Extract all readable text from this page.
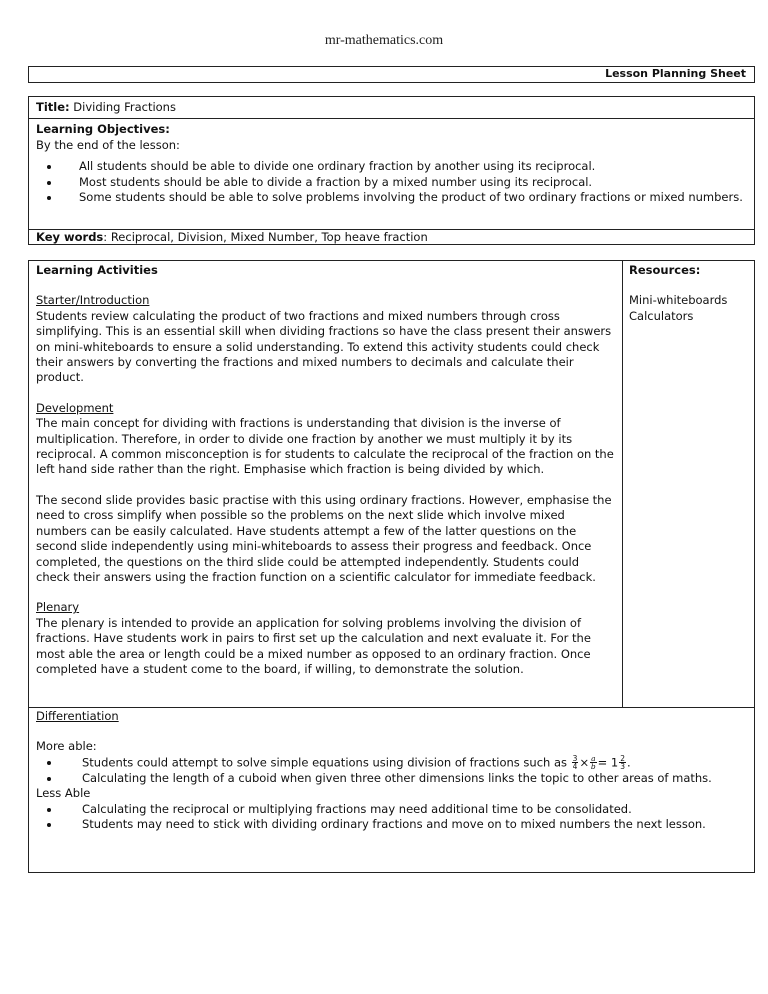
mr-mathematics.com
Lesson Planning Sheet
Title: Dividing Fractions
Learning Objectives:
By the end of the lesson:
• All students should be able to divide one ordinary fraction by another using its reciprocal.
• Most students should be able to divide a fraction by a mixed number using its reciprocal.
• Some students should be able to solve problems involving the product of two ordinary fractions or mixed numbers.
Key words: Reciprocal, Division, Mixed Number, Top heave fraction
Learning Activities
Starter/Introduction
Students review calculating the product of two fractions and mixed numbers through cross simplifying. This is an essential skill when dividing fractions so have the class present their answers on mini-whiteboards to ensure a solid understanding. To extend this activity students could check their answers by converting the fractions and mixed numbers to decimals and calculate their product.
Development
The main concept for dividing with fractions is understanding that division is the inverse of multiplication. Therefore, in order to divide one fraction by another we must multiply it by its reciprocal. A common misconception is for students to calculate the reciprocal of the fraction on the left hand side rather than the right. Emphasise which fraction is being divided by which.
The second slide provides basic practise with this using ordinary fractions. However, emphasise the need to cross simplify when possible so the problems on the next slide which involve mixed numbers can be easily calculated. Have students attempt a few of the latter questions on the second slide independently using mini-whiteboards to assess their progress and feedback. Once completed, the questions on the third slide could be attempted independently. Students could check their answers using the fraction function on a scientific calculator for immediate feedback.
Plenary
The plenary is intended to provide an application for solving problems involving the division of fractions. Have students work in pairs to first set up the calculation and next evaluate it. For the most able the area or length could be a mixed number as opposed to an ordinary fraction. Once completed have a student come to the board, if willing, to demonstrate the solution.
Resources:
Mini-whiteboards
Calculators
Differentiation
More able:
• Students could attempt to solve simple equations using division of fractions such as $\frac{3}{4} \times \frac{a}{b} = 1 \frac{2}{3}$ .
• Calculating the length of a cuboid when given three other dimensions links the topic to other areas of maths.
Less Able
• Calculating the reciprocal or multiplying fractions may need additional time to be consolidated.
• Students may need to stick with dividing ordinary fractions and move on to mixed numbers the next lesson.
